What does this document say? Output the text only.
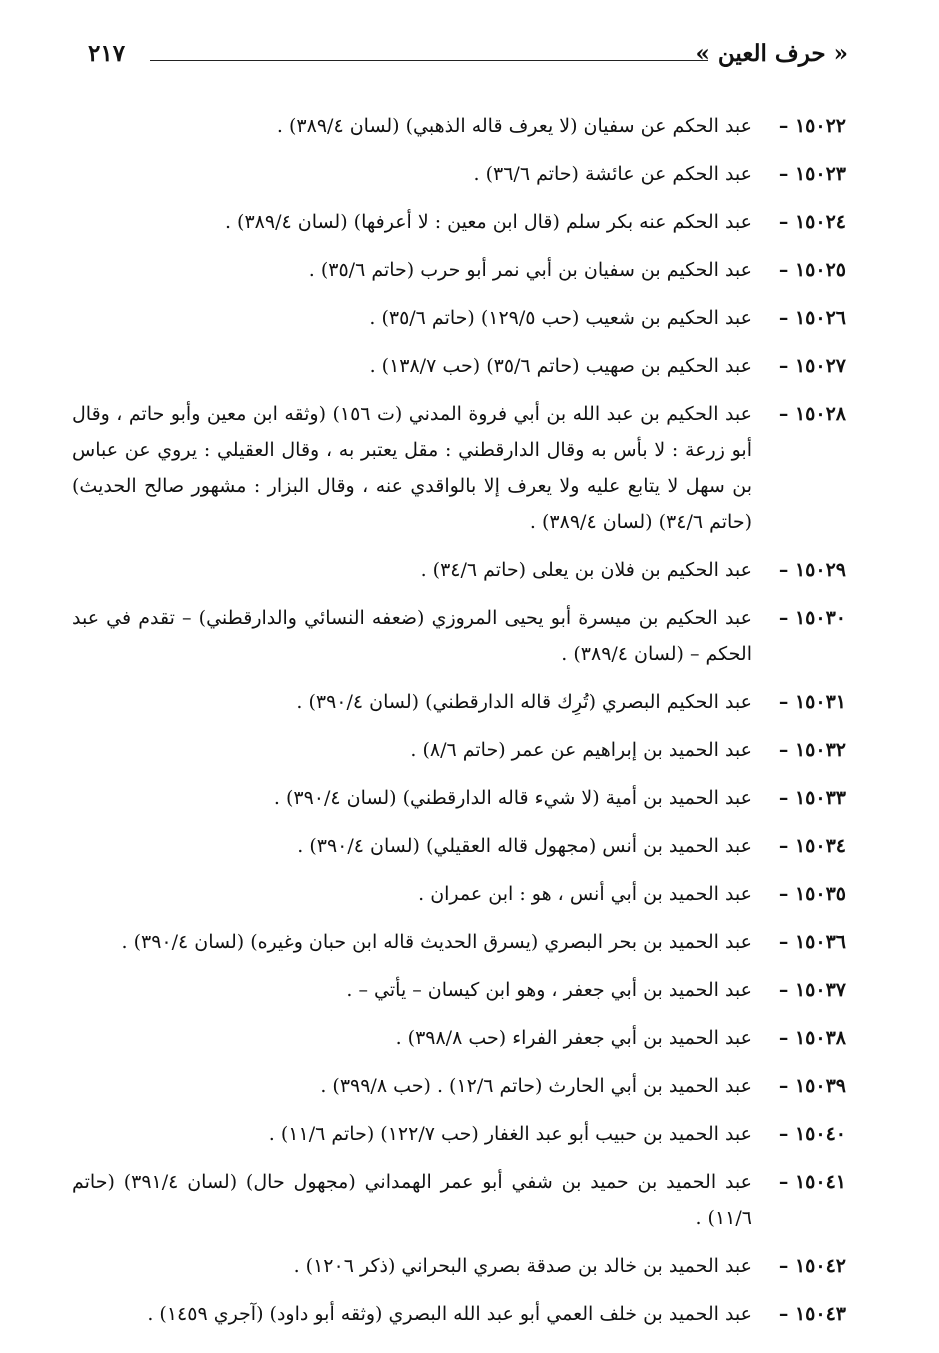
« حرف العين »
٢١٧
١٥٠٢٢ –
عبد الحكم عن سفيان (لا يعرف قاله الذهبي) (لسان ٣٨٩/٤) .
١٥٠٢٣ –
عبد الحكم عن عائشة (حاتم ٣٦/٦) .
١٥٠٢٤ –
عبد الحكم عنه بكر سلم (قال ابن معين : لا أعرفها) (لسان ٣٨٩/٤) .
١٥٠٢٥ –
عبد الحكيم بن سفيان بن أبي نمر أبو حرب (حاتم ٣٥/٦) .
١٥٠٢٦ –
عبد الحكيم بن شعيب (حب ١٢٩/٥) (حاتم ٣٥/٦) .
١٥٠٢٧ –
عبد الحكيم بن صهيب (حاتم ٣٥/٦) (حب ١٣٨/٧) .
١٥٠٢٨ –
عبد الحكيم بن عبد الله بن أبي فروة المدني (ت ١٥٦) (وثقه ابن معين وأبو حاتم ، وقال أبو زرعة : لا بأس به وقال الدارقطني : مقل يعتبر به ، وقال العقيلي : يروي عن عباس بن سهل لا يتابع عليه ولا يعرف إلا بالواقدي عنه ، وقال البزار : مشهور صالح الحديث) (حاتم ٣٤/٦) (لسان ٣٨٩/٤) .
١٥٠٢٩ –
عبد الحكيم بن فلان بن يعلى (حاتم ٣٤/٦) .
١٥٠٣٠ –
عبد الحكيم بن ميسرة أبو يحيى المروزي (ضعفه النسائي والدارقطني) – تقدم في عبد الحكم – (لسان ٣٨٩/٤) .
١٥٠٣١ –
عبد الحكيم البصري (تُرِك قاله الدارقطني) (لسان ٣٩٠/٤) .
١٥٠٣٢ –
عبد الحميد بن إبراهيم عن عمر (حاتم ٨/٦) .
١٥٠٣٣ –
عبد الحميد بن أمية (لا شيء قاله الدارقطني) (لسان ٣٩٠/٤) .
١٥٠٣٤ –
عبد الحميد بن أنس (مجهول قاله العقيلي) (لسان ٣٩٠/٤) .
١٥٠٣٥ –
عبد الحميد بن أبي أنس ، هو : ابن عمران .
١٥٠٣٦ –
عبد الحميد بن بحر البصري (يسرق الحديث قاله ابن حبان وغيره) (لسان ٣٩٠/٤) .
١٥٠٣٧ –
عبد الحميد بن أبي جعفر ، وهو ابن كيسان – يأتي – .
١٥٠٣٨ –
عبد الحميد بن أبي جعفر الفراء (حب ٣٩٨/٨) .
١٥٠٣٩ –
عبد الحميد بن أبي الحارث (حاتم ١٢/٦) . (حب ٣٩٩/٨) .
١٥٠٤٠ –
عبد الحميد بن حبيب أبو عبد الغفار (حب ١٢٢/٧) (حاتم ١١/٦) .
١٥٠٤١ –
عبد الحميد بن حميد بن شفي أبو عمر الهمداني (مجهول حال) (لسان ٣٩١/٤) (حاتم ١١/٦) .
١٥٠٤٢ –
عبد الحميد بن خالد بن صدقة بصري البحراني (ذكر ١٢٠٦) .
١٥٠٤٣ –
عبد الحميد بن خلف العمي أبو عبد الله البصري (وثقه أبو داود) (آجري ١٤٥٩) .
